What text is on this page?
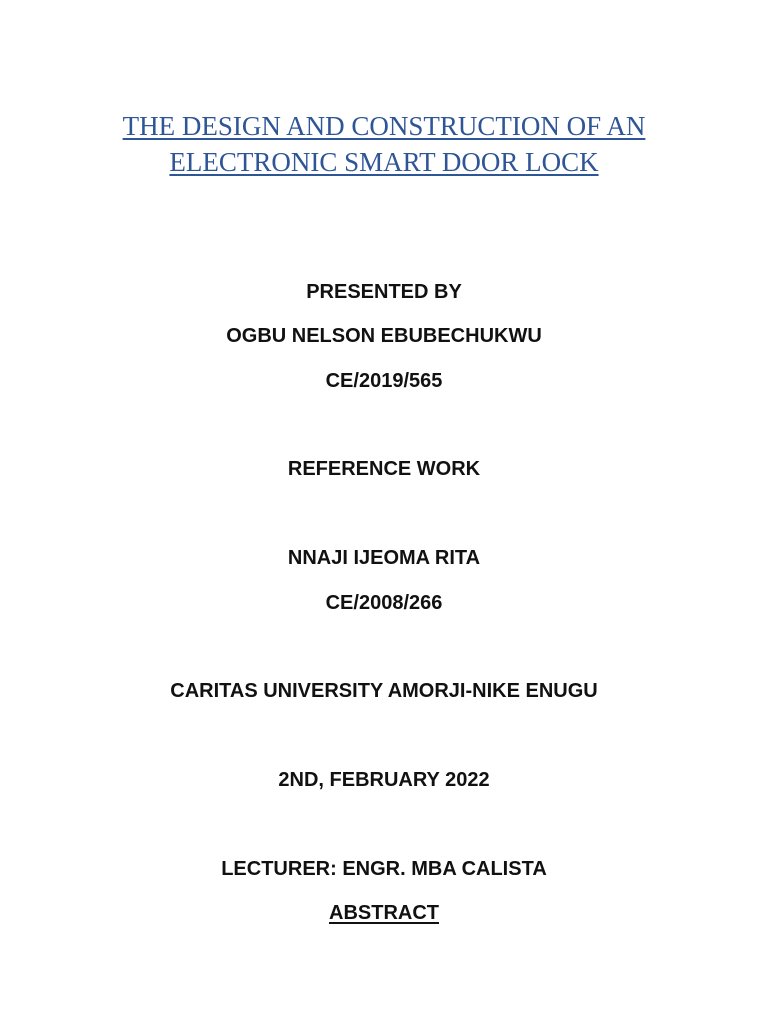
THE DESIGN AND CONSTRUCTION OF AN
ELECTRONIC SMART DOOR LOCK

PRESENTED BY

OGBU NELSON EBUBECHUKWU

CE/2019/565

REFERENCE WORK

NNAJI IJEOMA RITA

CE/2008/266

CARITAS UNIVERSITY AMORJI-NIKE ENUGU

2ND, FEBRUARY 2022

LECTURER: ENGR. MBA CALISTA

ABSTRACT
